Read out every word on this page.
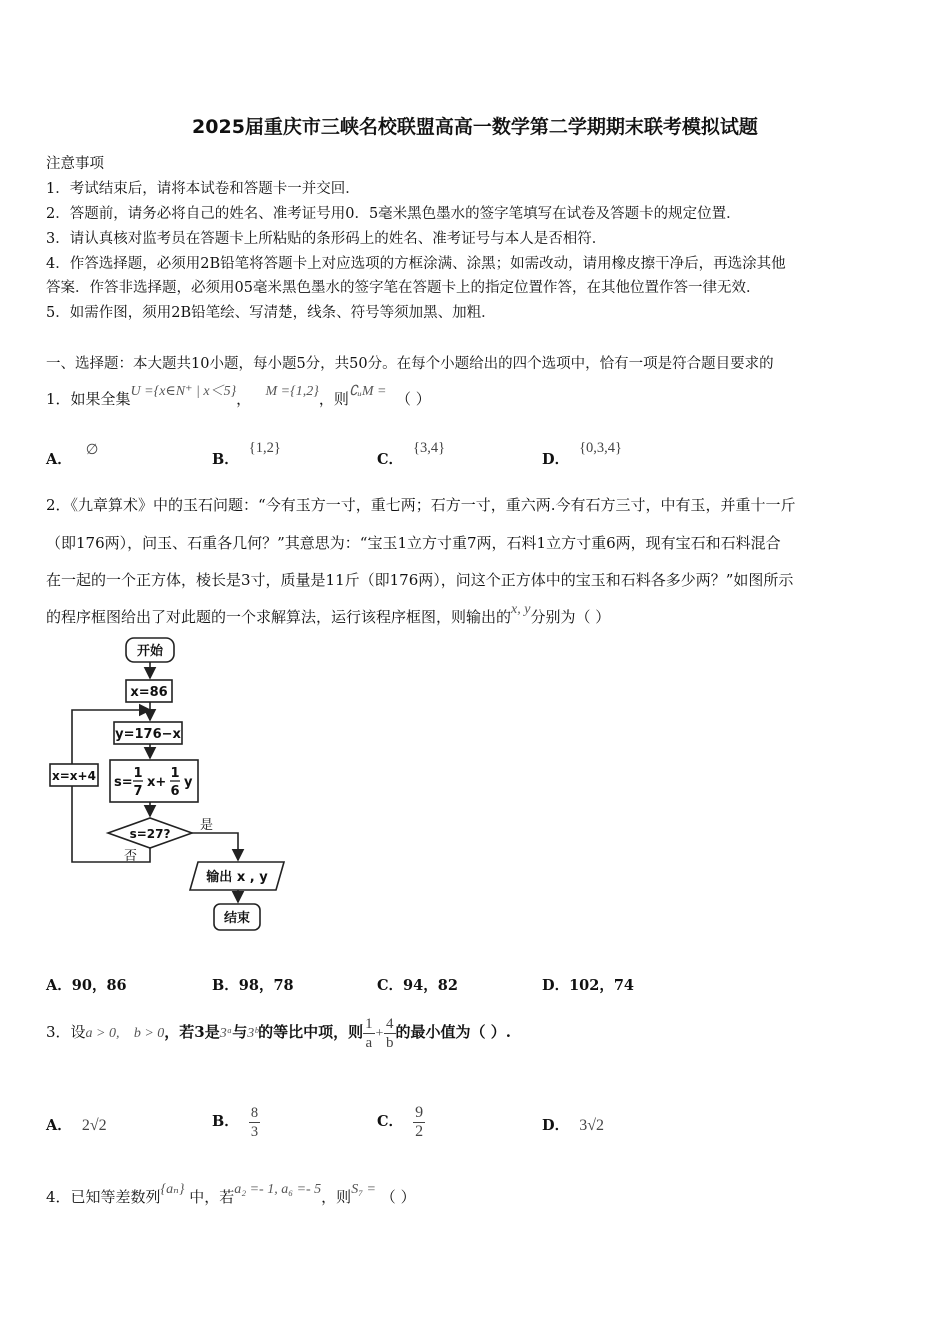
2025届重庆市三峡名校联盟高高一数学第二学期期末联考模拟试题
注意事项
1．考试结束后，请将本试卷和答题卡一并交回．
2．答题前，请务必将自己的姓名、准考证号用0．5毫米黑色墨水的签字笔填写在试卷及答题卡的规定位置．
3．请认真核对监考员在答题卡上所粘贴的条形码上的姓名、准考证号与本人是否相符．
4．作答选择题，必须用2B铅笔将答题卡上对应选项的方框涂满、涂黑；如需改动，请用橡皮擦干净后，再选涂其他
答案．作答非选择题，必须用05毫米黑色墨水的签字笔在答题卡上的指定位置作答，在其他位置作答一律无效．
5．如需作图，须用2B铅笔绘、写清楚，线条、符号等须加黑、加粗．
一、选择题：本大题共10小题，每小题5分，共50分。在每个小题给出的四个选项中，恰有一项是符合题目要求的
1．如果全集U ={x∈N⁺ | x＜5}， M ={1,2}，则∁ᵤM = （ ）
A．∅
B．{1,2}
C．{3,4}
D．{0,3,4}
2．《九章算术》中的玉石问题：“今有玉方一寸，重七两；石方一寸，重六两.今有石方三寸，中有玉，并重十一斤
（即176两），问玉、石重各几何？”其意思为：“宝玉1立方寸重7两，石料1立方寸重6两，现有宝石和石料混合
在一起的一个正方体，棱长是3寸，质量是11斤（即176两），问这个正方体中的宝玉和石料各多少两？”如图所示
的程序框图给出了对此题的一个求解算法，运行该程序框图，则输出的x, y分别为（ ）
开始
x=86
y=176−x
s=
1
7
x+
1
6
y
x=x+4
s=27?
是
否
输出 x , y
结束
A．90，86	B．98，78	C．94，82	D．102，74
3．设a > 0, b > 0，若3是3ᵃ与3ᵇ的等比中项，则 $\frac{1}{a} + \frac{4}{b}$ 的最小值为（ ）.
A． 2√2	B． $\frac{8}{3}$	C． $\frac{9}{2}$	D． 3√2
4．已知等差数列{aₙ} 中，若a₂ =- 1, a₆ =- 5，则S₇ = （ ）
